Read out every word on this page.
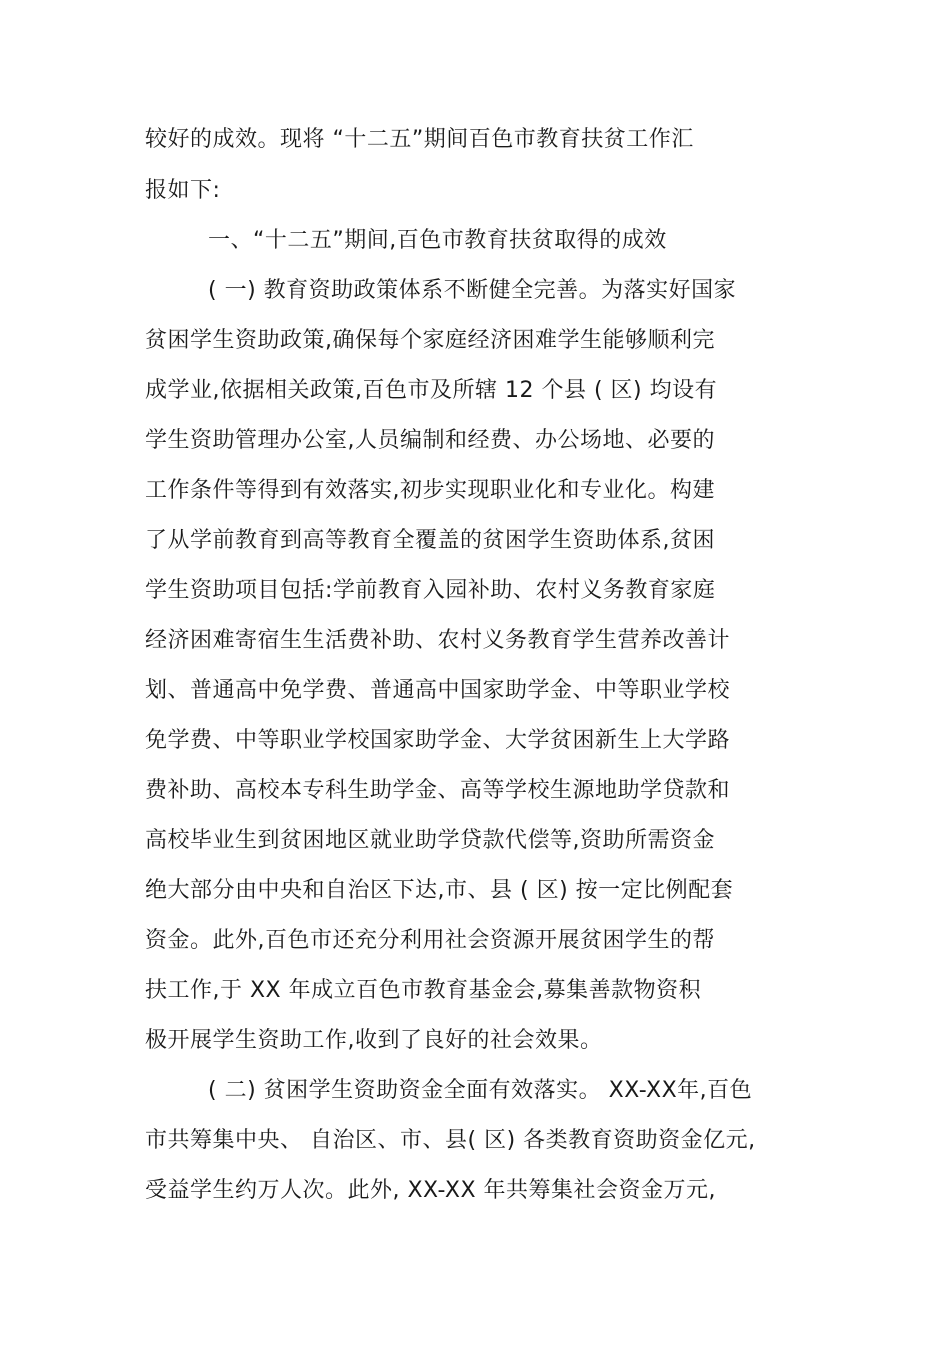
较好的成效。现将 “十二五”期间百色市教育扶贫工作汇
报如下:
一、“十二五”期间,百色市教育扶贫取得的成效
( 一) 教育资助政策体系不断健全完善。为落实好国家
贫困学生资助政策,确保每个家庭经济困难学生能够顺利完
成学业,依据相关政策,百色市及所辖 12 个县 ( 区) 均设有
学生资助管理办公室,人员编制和经费、办公场地、必要的
工作条件等得到有效落实,初步实现职业化和专业化。构建
了从学前教育到高等教育全覆盖的贫困学生资助体系,贫困
学生资助项目包括:学前教育入园补助、农村义务教育家庭
经济困难寄宿生生活费补助、农村义务教育学生营养改善计
划、普通高中免学费、普通高中国家助学金、中等职业学校
免学费、中等职业学校国家助学金、大学贫困新生上大学路
费补助、高校本专科生助学金、高等学校生源地助学贷款和
高校毕业生到贫困地区就业助学贷款代偿等,资助所需资金
绝大部分由中央和自治区下达,市、县 ( 区) 按一定比例配套
资金。此外,百色市还充分利用社会资源开展贫困学生的帮
扶工作,于 XX 年成立百色市教育基金会,募集善款物资积
极开展学生资助工作,收到了良好的社会效果。
( 二) 贫困学生资助资金全面有效落实。 XX-XX年,百色
市共筹集中央、 自治区、市、县( 区) 各类教育资助资金亿元,
受益学生约万人次。此外, XX-XX 年共筹集社会资金万元,
